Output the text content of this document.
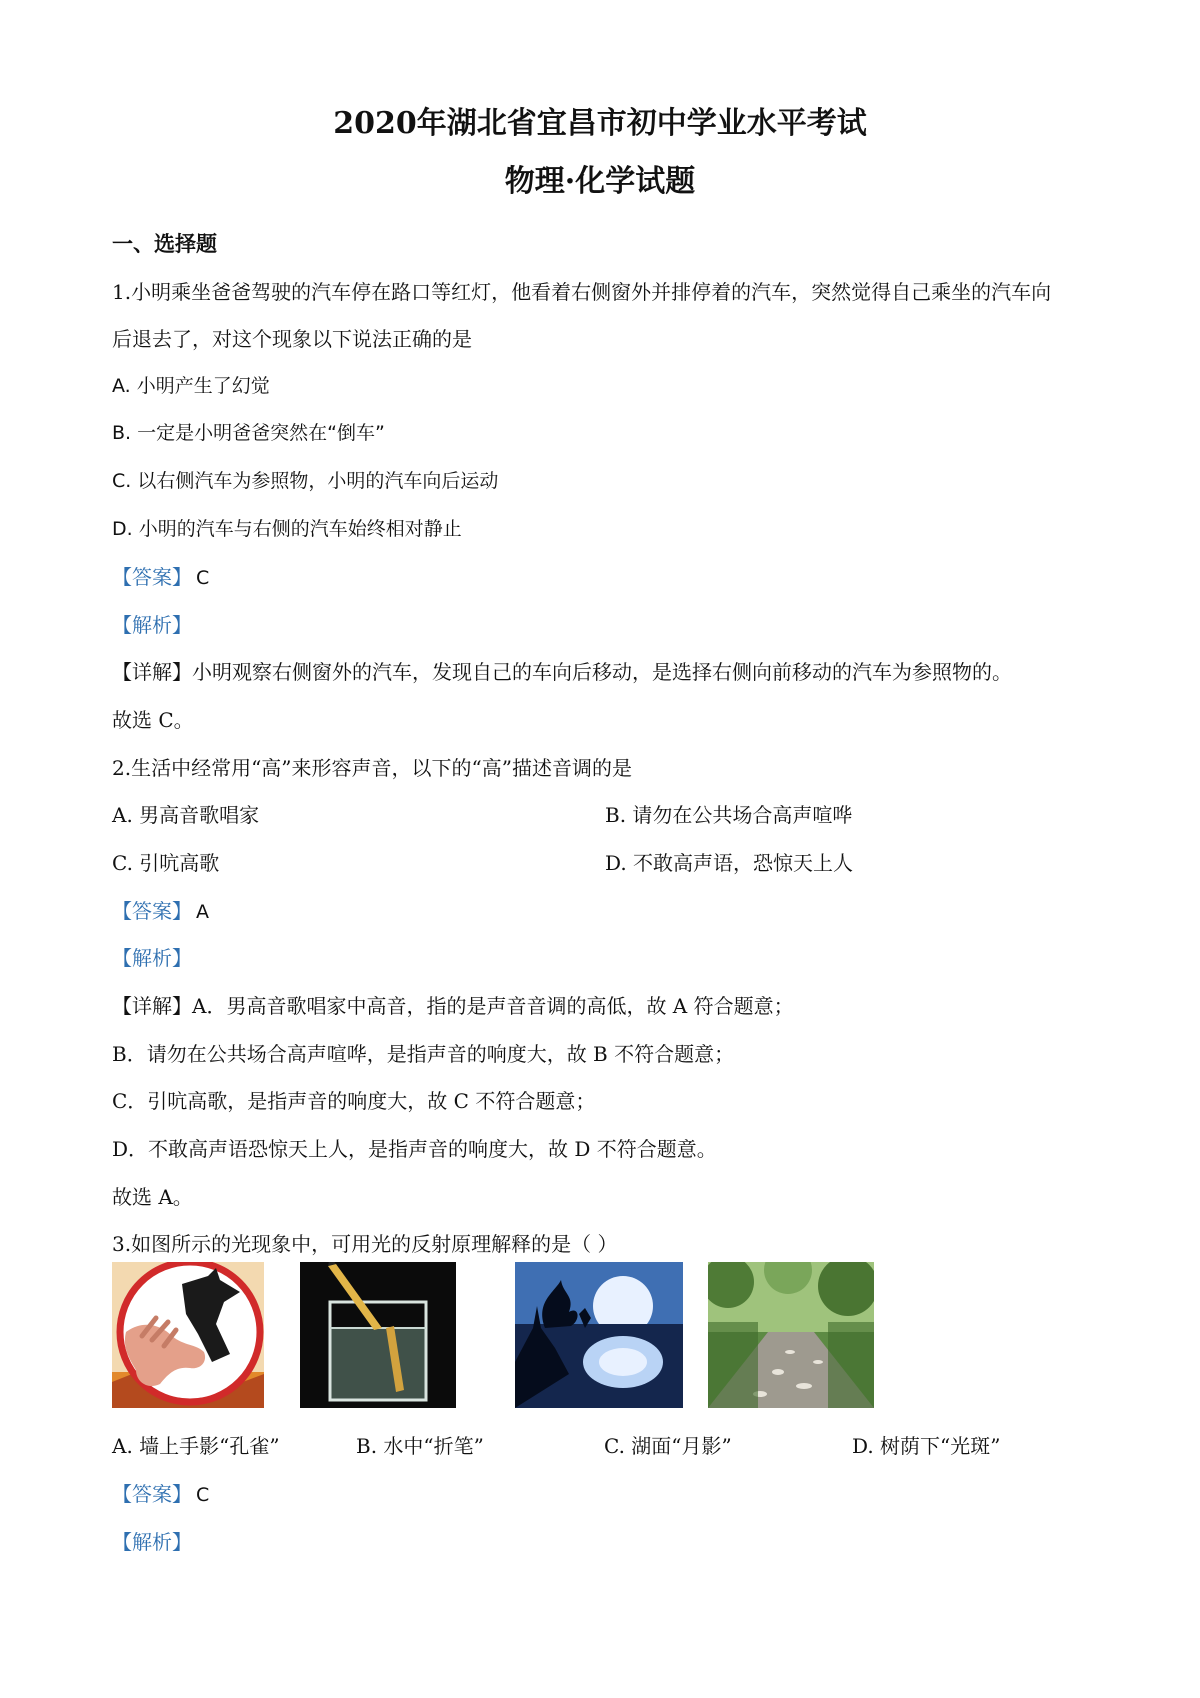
2020年湖北省宜昌市初中学业水平考试
物理·化学试题
一、选择题
1.小明乘坐爸爸驾驶的汽车停在路口等红灯，他看着右侧窗外并排停着的汽车，突然觉得自己乘坐的汽车向
后退去了，对这个现象以下说法正确的是
A. 小明产生了幻觉
B. 一定是小明爸爸突然在“倒车”
C. 以右侧汽车为参照物，小明的汽车向后运动
D. 小明的汽车与右侧的汽车始终相对静止
【答案】 C
【解析】
【详解】小明观察右侧窗外的汽车，发现自己的车向后移动，是选择右侧向前移动的汽车为参照物的。
故选 C。
2.生活中经常用“高”来形容声音，以下的“高”描述音调的是
A. 男高音歌唱家	B. 请勿在公共场合高声喧哗
C. 引吭高歌	D. 不敢高声语，恐惊天上人
【答案】 A
【解析】
【详解】A．男高音歌唱家中高音，指的是声音音调的高低，故 A 符合题意；
B．请勿在公共场合高声喧哗，是指声音的响度大，故 B 不符合题意；
C．引吭高歌，是指声音的响度大，故 C 不符合题意；
D．不敢高声语恐惊天上人，是指声音的响度大，故 D 不符合题意。
故选 A。
3.如图所示的光现象中，可用光的反射原理解释的是（ ）
A. 墙上手影“孔雀”	B. 水中“折笔”	C. 湖面“月影”	D. 树荫下“光斑”
【答案】 C
【解析】
